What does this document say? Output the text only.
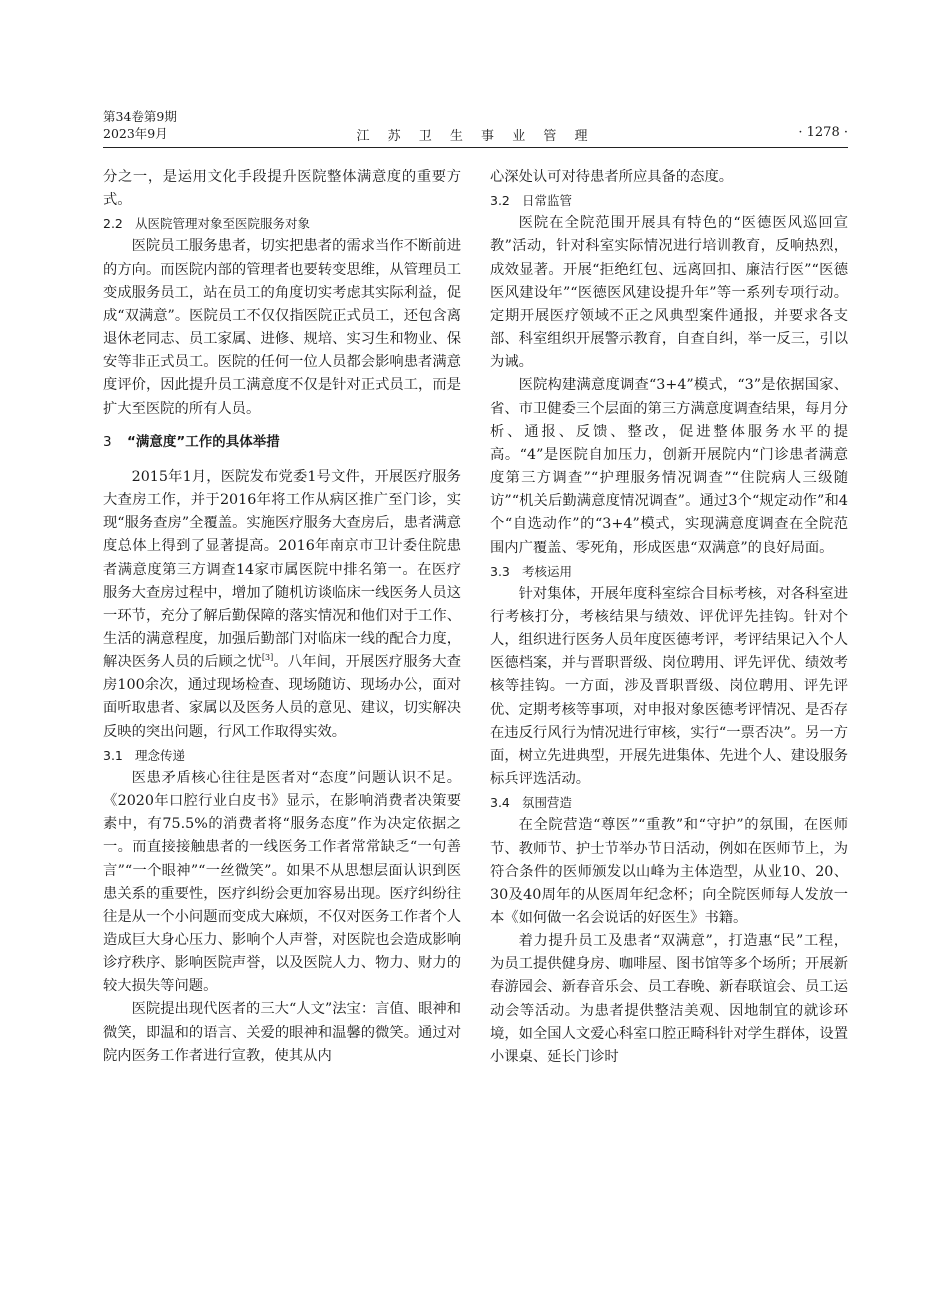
第34卷第9期
2023年9月	江 苏 卫 生 事 业 管 理	· 1278 ·

分之一，是运用文化手段提升医院整体满意度的重要方式。

2.2 从医院管理对象至医院服务对象

医院员工服务患者，切实把患者的需求当作不断前进的方向。而医院内部的管理者也要转变思维，从管理员工变成服务员工，站在员工的角度切实考虑其实际利益，促成“双满意”。医院员工不仅仅指医院正式员工，还包含离退休老同志、员工家属、进修、规培、实习生和物业、保安等非正式员工。医院的任何一位人员都会影响患者满意度评价，因此提升员工满意度不仅是针对正式员工，而是扩大至医院的所有人员。

3 “满意度”工作的具体举措

2015年1月，医院发布党委1号文件，开展医疗服务大查房工作，并于2016年将工作从病区推广至门诊，实现“服务查房”全覆盖。实施医疗服务大查房后，患者满意度总体上得到了显著提高。2016年南京市卫计委住院患者满意度第三方调查14家市属医院中排名第一。在医疗服务大查房过程中，增加了随机访谈临床一线医务人员这一环节，充分了解后勤保障的落实情况和他们对于工作、生活的满意程度，加强后勤部门对临床一线的配合力度，解决医务人员的后顾之忧[3]。八年间，开展医疗服务大查房100余次，通过现场检查、现场随访、现场办公，面对面听取患者、家属以及医务人员的意见、建议，切实解决反映的突出问题，行风工作取得实效。

3.1 理念传递

医患矛盾核心往往是医者对“态度”问题认识不足。《2020年口腔行业白皮书》显示，在影响消费者决策要素中，有75.5%的消费者将“服务态度”作为决定依据之一。而直接接触患者的一线医务工作者常常缺乏“一句善言”“一个眼神”“一丝微笑”。如果不从思想层面认识到医患关系的重要性，医疗纠纷会更加容易出现。医疗纠纷往往是从一个小问题而变成大麻烦，不仅对医务工作者个人造成巨大身心压力、影响个人声誉，对医院也会造成影响诊疗秩序、影响医院声誉，以及医院人力、物力、财力的较大损失等问题。

医院提出现代医者的三大“人文”法宝：言值、眼神和微笑，即温和的语言、关爱的眼神和温馨的微笑。通过对院内医务工作者进行宣教，使其从内

心深处认可对待患者所应具备的态度。

3.2 日常监管

医院在全院范围开展具有特色的“医德医风巡回宣教”活动，针对科室实际情况进行培训教育，反响热烈，成效显著。开展“拒绝红包、远离回扣、廉洁行医”“医德医风建设年”“医德医风建设提升年”等一系列专项行动。定期开展医疗领域不正之风典型案件通报，并要求各支部、科室组织开展警示教育，自查自纠，举一反三，引以为诫。

医院构建满意度调查“3+4”模式，“3”是依据国家、省、市卫健委三个层面的第三方满意度调查结果，每月分析、通报、反馈、整改，促进整体服务水平的提高。“4”是医院自加压力，创新开展院内“门诊患者满意度第三方调查”“护理服务情况调查”“住院病人三级随访”“机关后勤满意度情况调查”。通过3个“规定动作”和4个“自选动作”的“3+4”模式，实现满意度调查在全院范围内广覆盖、零死角，形成医患“双满意”的良好局面。

3.3 考核运用

针对集体，开展年度科室综合目标考核，对各科室进行考核打分，考核结果与绩效、评优评先挂钩。针对个人，组织进行医务人员年度医德考评，考评结果记入个人医德档案，并与晋职晋级、岗位聘用、评先评优、绩效考核等挂钩。一方面，涉及晋职晋级、岗位聘用、评先评优、定期考核等事项，对申报对象医德考评情况、是否存在违反行风行为情况进行审核，实行“一票否决”。另一方面，树立先进典型，开展先进集体、先进个人、建设服务标兵评选活动。

3.4 氛围营造

在全院营造“尊医”“重教”和“守护”的氛围，在医师节、教师节、护士节举办节日活动，例如在医师节上，为符合条件的医师颁发以山峰为主体造型，从业10、20、30及40周年的从医周年纪念杯；向全院医师每人发放一本《如何做一名会说话的好医生》书籍。

着力提升员工及患者“双满意”，打造惠“民”工程，为员工提供健身房、咖啡屋、图书馆等多个场所；开展新春游园会、新春音乐会、员工春晚、新春联谊会、员工运动会等活动。为患者提供整洁美观、因地制宜的就诊环境，如全国人文爱心科室口腔正畸科针对学生群体，设置小课桌、延长门诊时
